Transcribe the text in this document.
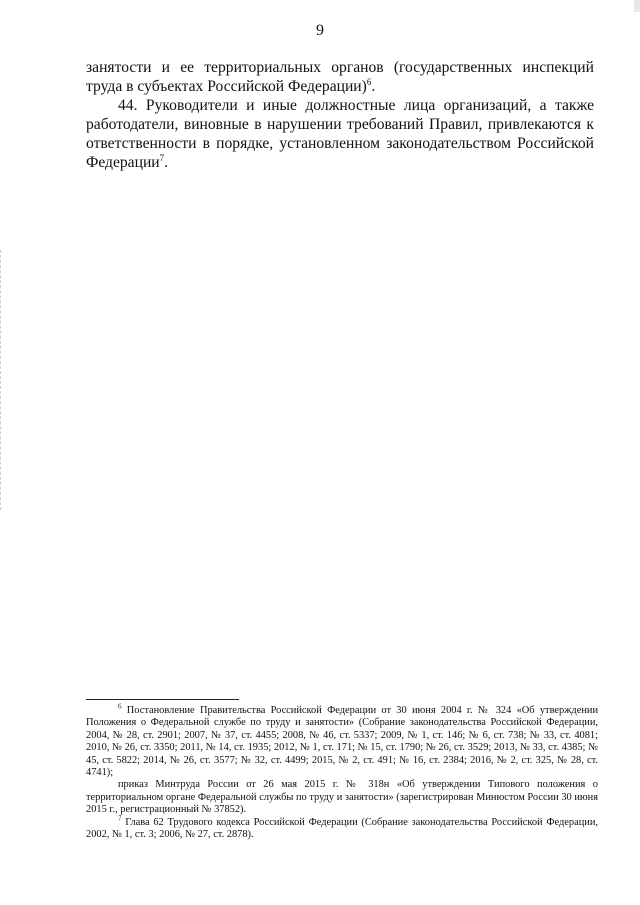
9

занятости и ее территориальных органов (государственных инспекций труда в субъектах Российской Федерации)$^6$.

44. Руководители и иные должностные лица организаций, а также работодатели, виновные в нарушении требований Правил, привлекаются к ответственности в порядке, установленном законодательством Российской Федерации$^7$.

$^6$ Постановление Правительства Российской Федерации от 30 июня 2004 г. № 324 «Об утверждении Положения о Федеральной службе по труду и занятости» (Собрание законодательства Российской Федерации, 2004, № 28, ст. 2901; 2007, № 37, ст. 4455; 2008, № 46, ст. 5337; 2009, № 1, ст. 146; № 6, ст. 738; № 33, ст. 4081; 2010, № 26, ст. 3350; 2011, № 14, ст. 1935; 2012, № 1, ст. 171; № 15, ст. 1790; № 26, ст. 3529; 2013, № 33, ст. 4385; № 45, ст. 5822; 2014, № 26, ст. 3577; № 32, ст. 4499; 2015, № 2, ст. 491; № 16, ст. 2384; 2016, № 2, ст. 325, № 28, ст. 4741);

приказ Минтруда России от 26 мая 2015 г. № 318н «Об утверждении Типового положения о территориальном органе Федеральной службы по труду и занятости» (зарегистрирован Минюстом России 30 июня 2015 г., регистрационный № 37852).

$^7$ Глава 62 Трудового кодекса Российской Федерации (Собрание законодательства Российской Федерации, 2002, № 1, ст. 3; 2006, № 27, ст. 2878).
